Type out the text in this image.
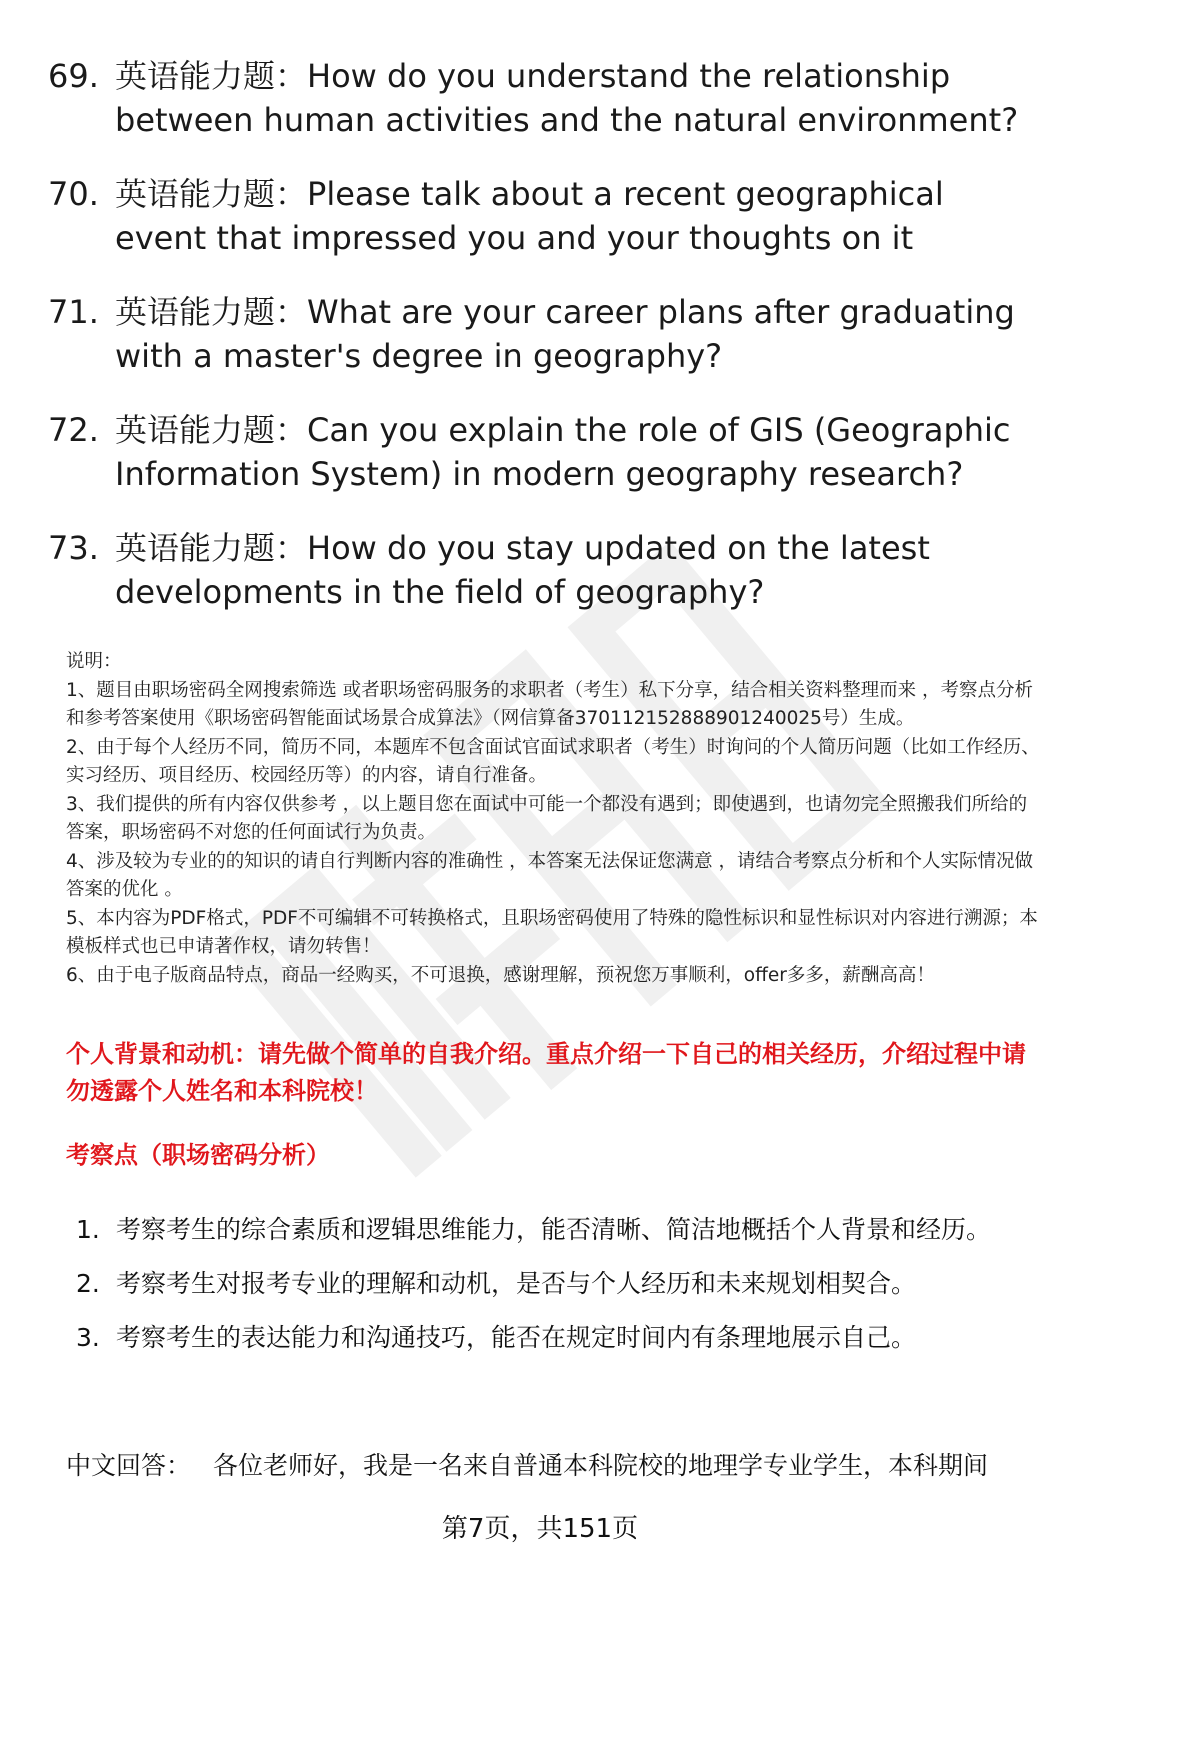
69. 英语能力题：How do you understand the relationship between human activities and the natural environment?
70. 英语能力题：Please talk about a recent geographical event that impressed you and your thoughts on it
71. 英语能力题：What are your career plans after graduating with a master's degree in geography?
72. 英语能力题：Can you explain the role of GIS (Geographic Information System) in modern geography research?
73. 英语能力题：How do you stay updated on the latest developments in the field of geography?
说明：
1、题目由职场密码全网搜索筛选 或者职场密码服务的求职者（考生）私下分享，结合相关资料整理而来 ，考察点分析和参考答案使用《职场密码智能面试场景合成算法》（网信算备370112152888901240025号）生成。
2、由于每个人经历不同，简历不同，本题库不包含面试官面试求职者（考生）时询问的个人简历问题（比如工作经历、实习经历、项目经历、校园经历等）的内容，请自行准备。
3、我们提供的所有内容仅供参考 ，以上题目您在面试中可能一个都没有遇到；即使遇到，也请勿完全照搬我们所给的答案，职场密码不对您的任何面试行为负责。
4、涉及较为专业的的知识的请自行判断内容的准确性 ，本答案无法保证您满意 ，请结合考察点分析和个人实际情况做答案的优化 。
5、本内容为PDF格式，PDF不可编辑不可转换格式，且职场密码使用了特殊的隐性标识和显性标识对内容进行溯源；本模板样式也已申请著作权，请勿转售！
6、由于电子版商品特点，商品一经购买，不可退换，感谢理解，预祝您万事顺利，offer多多，薪酬高高！
个人背景和动机：请先做个简单的自我介绍。重点介绍一下自己的相关经历，介绍过程中请勿透露个人姓名和本科院校！
考察点（职场密码分析）
1. 考察考生的综合素质和逻辑思维能力，能否清晰、简洁地概括个人背景和经历。
2. 考察考生对报考专业的理解和动机，是否与个人经历和未来规划相契合。
3. 考察考生的表达能力和沟通技巧，能否在规定时间内有条理地展示自己。
中文回答： 各位老师好，我是一名来自普通本科院校的地理学专业学生，本科期间
第7页，共151页
